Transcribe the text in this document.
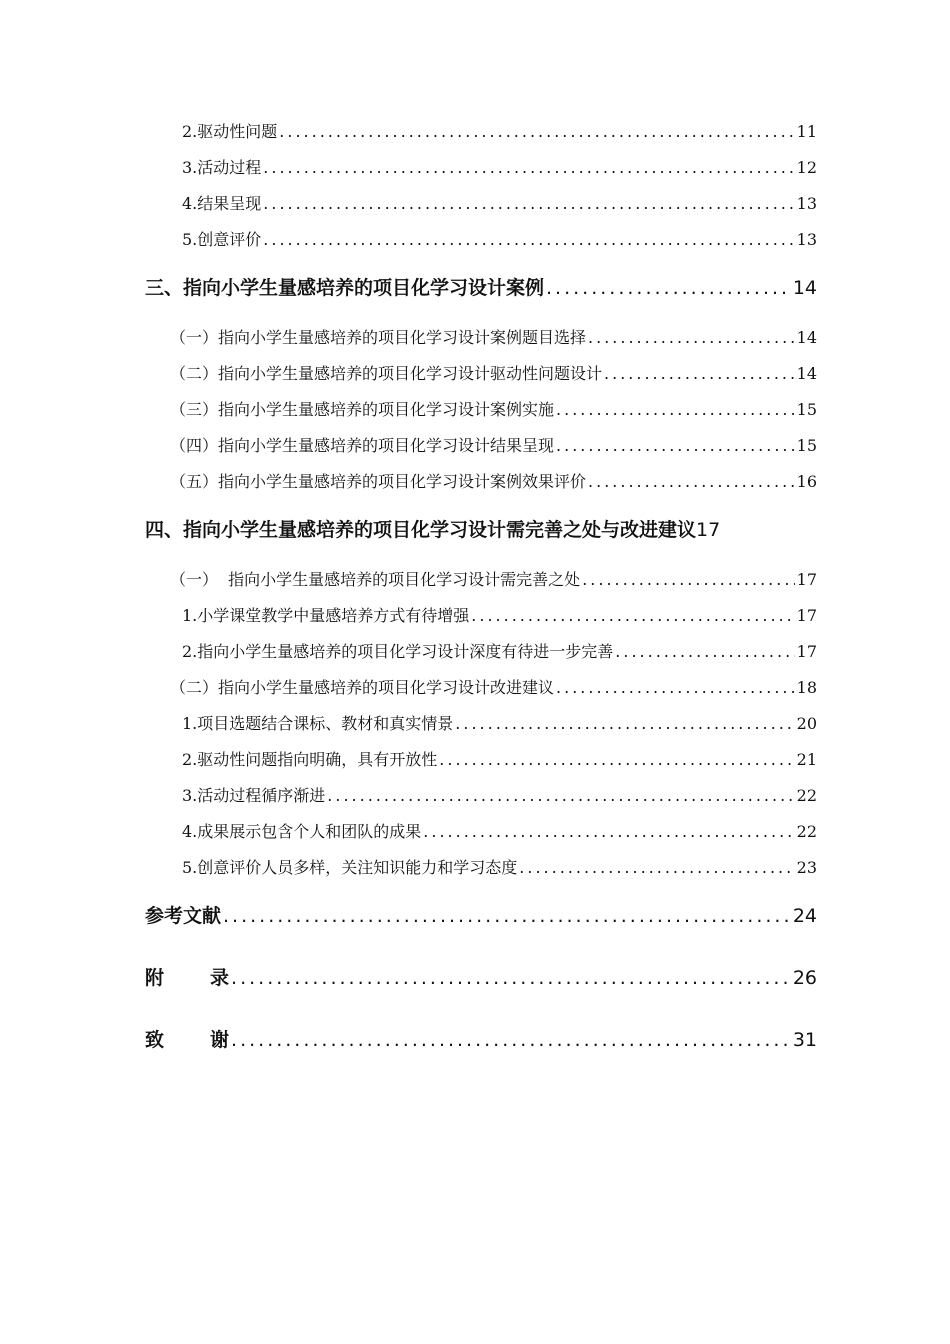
2.驱动性问题 .....	11
3.活动过程 .....	12
4.结果呈现 .....	13
5.创意评价 .....	13
三、指向小学生量感培养的项目化学习设计案例 .....	14
（一）指向小学生量感培养的项目化学习设计案例题目选择 .....	14
（二）指向小学生量感培养的项目化学习设计驱动性问题设计 .....	14
（三）指向小学生量感培养的项目化学习设计案例实施 .....	15
（四）指向小学生量感培养的项目化学习设计结果呈现 .....	15
（五）指向小学生量感培养的项目化学习设计案例效果评价 .....	16
四、指向小学生量感培养的项目化学习设计需完善之处与改进建议 17
（一）  指向小学生量感培养的项目化学习设计需完善之处 .....	17
1.小学课堂教学中量感培养方式有待增强 .....	17
2.指向小学生量感培养的项目化学习设计深度有待进一步完善 .....	17
（二）指向小学生量感培养的项目化学习设计改进建议 .....	18
1.项目选题结合课标、教材和真实情景 .....	20
2.驱动性问题指向明确，具有开放性 .....	21
3.活动过程循序渐进 .....	22
4.成果展示包含个人和团队的成果 .....	22
5.创意评价人员多样，关注知识能力和学习态度 .....	23
参考文献 .....	24
附 录 .....	26
致 谢 .....	31
